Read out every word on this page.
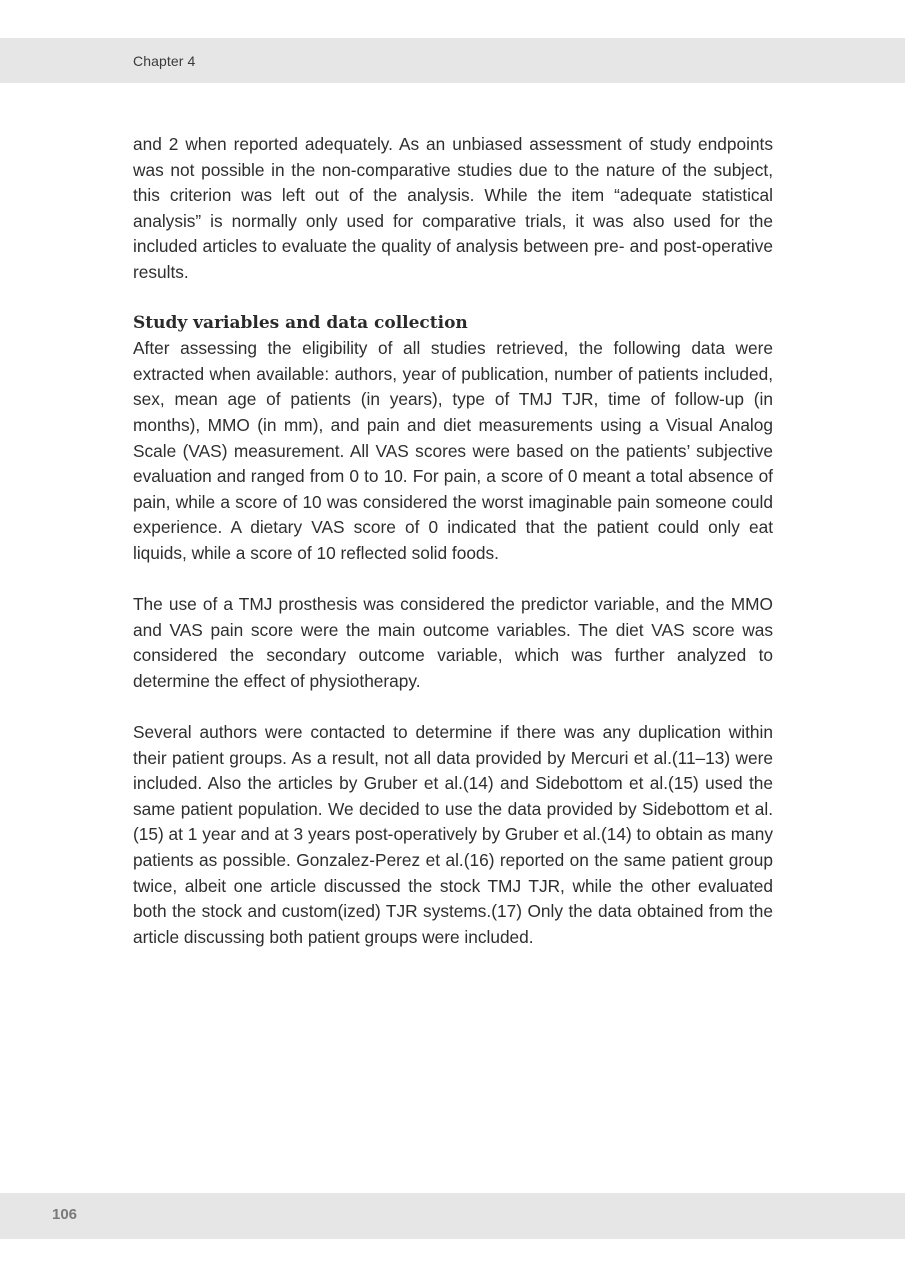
Chapter 4

and 2 when reported adequately. As an unbiased assessment of study endpoints was not possible in the non-comparative studies due to the nature of the subject, this criterion was left out of the analysis. While the item “adequate statistical analysis” is normally only used for comparative trials, it was also used for the included articles to evaluate the quality of analysis between pre- and post-operative results.

Study variables and data collection

After assessing the eligibility of all studies retrieved, the following data were extracted when available: authors, year of publication, number of patients included, sex, mean age of patients (in years), type of TMJ TJR, time of follow-up (in months), MMO (in mm), and pain and diet measurements using a Visual Analog Scale (VAS) measurement. All VAS scores were based on the patients’ subjective evaluation and ranged from 0 to 10. For pain, a score of 0 meant a total absence of pain, while a score of 10 was considered the worst imaginable pain someone could experience. A dietary VAS score of 0 indicated that the patient could only eat liquids, while a score of 10 reflected solid foods.

The use of a TMJ prosthesis was considered the predictor variable, and the MMO and VAS pain score were the main outcome variables. The diet VAS score was considered the secondary outcome variable, which was further analyzed to determine the effect of physiotherapy.

Several authors were contacted to determine if there was any duplication within their patient groups. As a result, not all data provided by Mercuri et al.(11–13) were included. Also the articles by Gruber et al.(14) and Sidebottom et al.(15) used the same patient population. We decided to use the data provided by Sidebottom et al.(15) at 1 year and at 3 years post-operatively by Gruber et al.(14) to obtain as many patients as possible. Gonzalez-Perez et al.(16) reported on the same patient group twice, albeit one article discussed the stock TMJ TJR, while the other evaluated both the stock and custom(ized) TJR systems.(17) Only the data obtained from the article discussing both patient groups were included.

106
